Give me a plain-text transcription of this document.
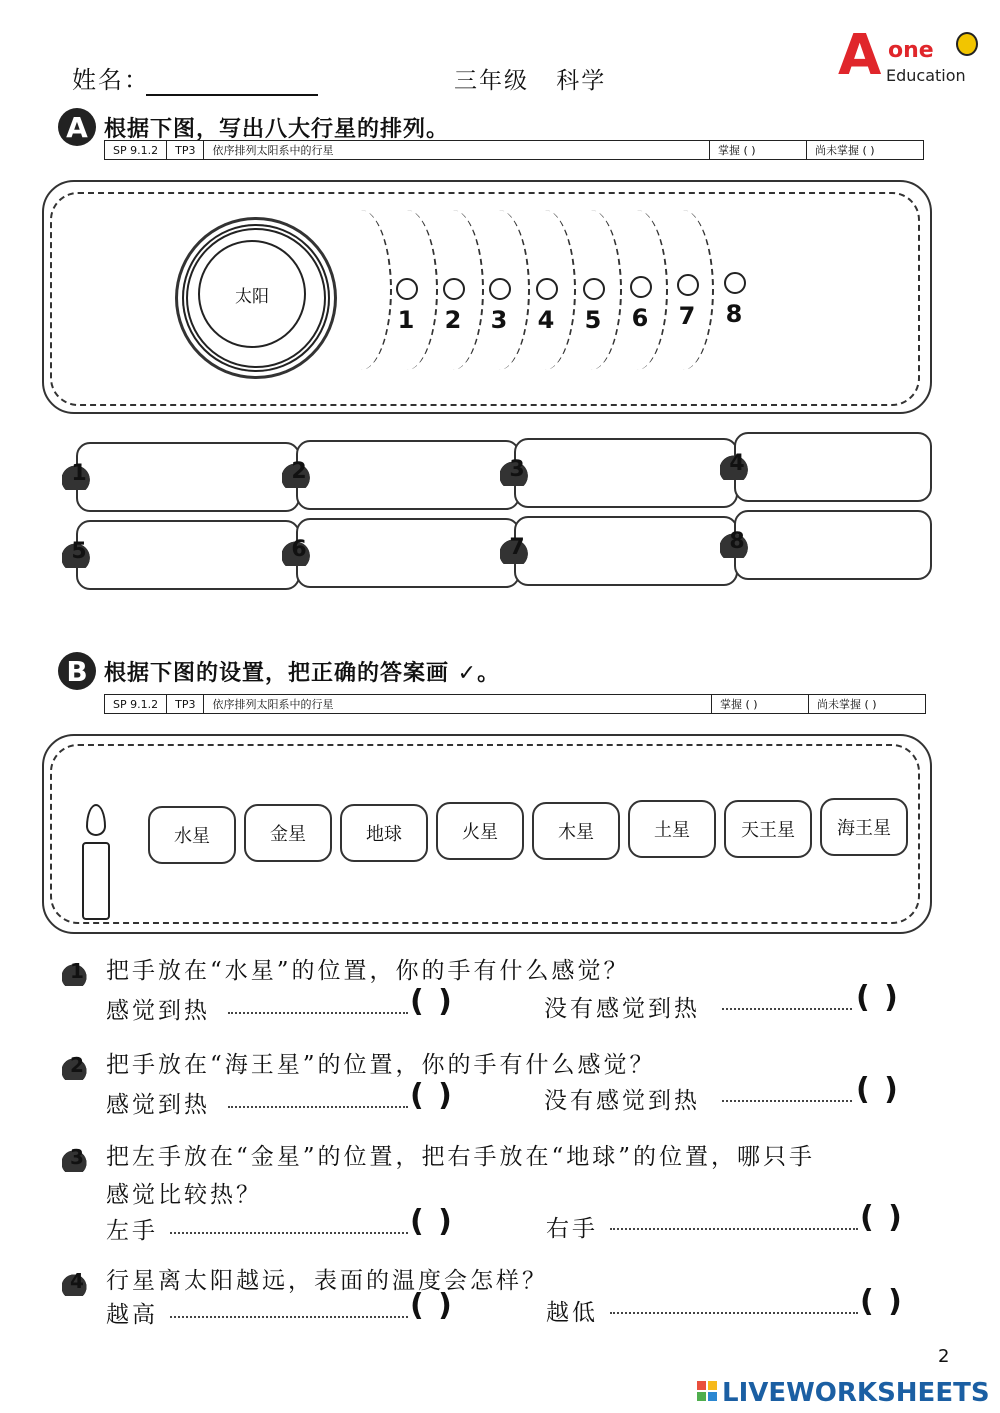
姓名：	三年级 科学	A one
Education
A 根据下图，写出八大行星的排列。
SP 9.1.2	TP3	依序排列太阳系中的行星	掌握 ( )	尚未掌握 ( )
太阳
1 2 3 4 5 6 7 8
1	2	3	4
5	6	7	8
B 根据下图的设置，把正确的答案画 ✓。
SP 9.1.2	TP3	依序排列太阳系中的行星	掌握 ( )	尚未掌握 ( )
水星	金星	地球	火星	木星	土星	天王星	海王星
1 把手放在“水星”的位置，你的手有什么感觉？
感觉到热	( )	没有感觉到热	( )
2 把手放在“海王星”的位置，你的手有什么感觉？
感觉到热	( )	没有感觉到热	( )
3 把左手放在“金星”的位置，把右手放在“地球”的位置，哪只手
感觉比较热？
左手	( )	右手	( )
4 行星离太阳越远，表面的温度会怎样？
越高	( )	越低	( )
2
LIVEWORKSHEETS
